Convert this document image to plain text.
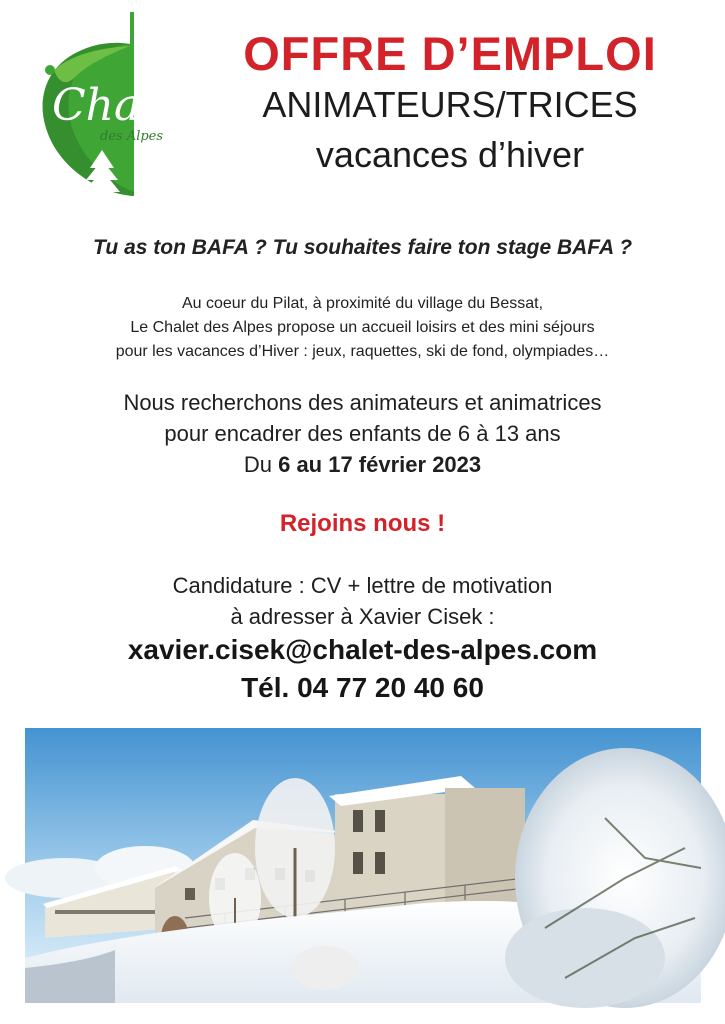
Chalet
des Alpes
OFFRE D’EMPLOI
ANIMATEURS/TRICES
vacances d’hiver

Tu as ton BAFA ? Tu souhaites faire ton stage BAFA ?

Au coeur du Pilat, à proximité du village du Bessat,
Le Chalet des Alpes propose un accueil loisirs et des mini séjours
pour les vacances d’Hiver : jeux, raquettes, ski de fond, olympiades…
Nous recherchons des animateurs et animatrices
pour encadrer des enfants de 6 à 13 ans
Du 6 au 17 février 2023
Rejoins nous !
Candidature : CV + lettre de motivation
à adresser à Xavier Cisek :
xavier.cisek@chalet-des-alpes.com
Tél. 04 77 20 40 60
